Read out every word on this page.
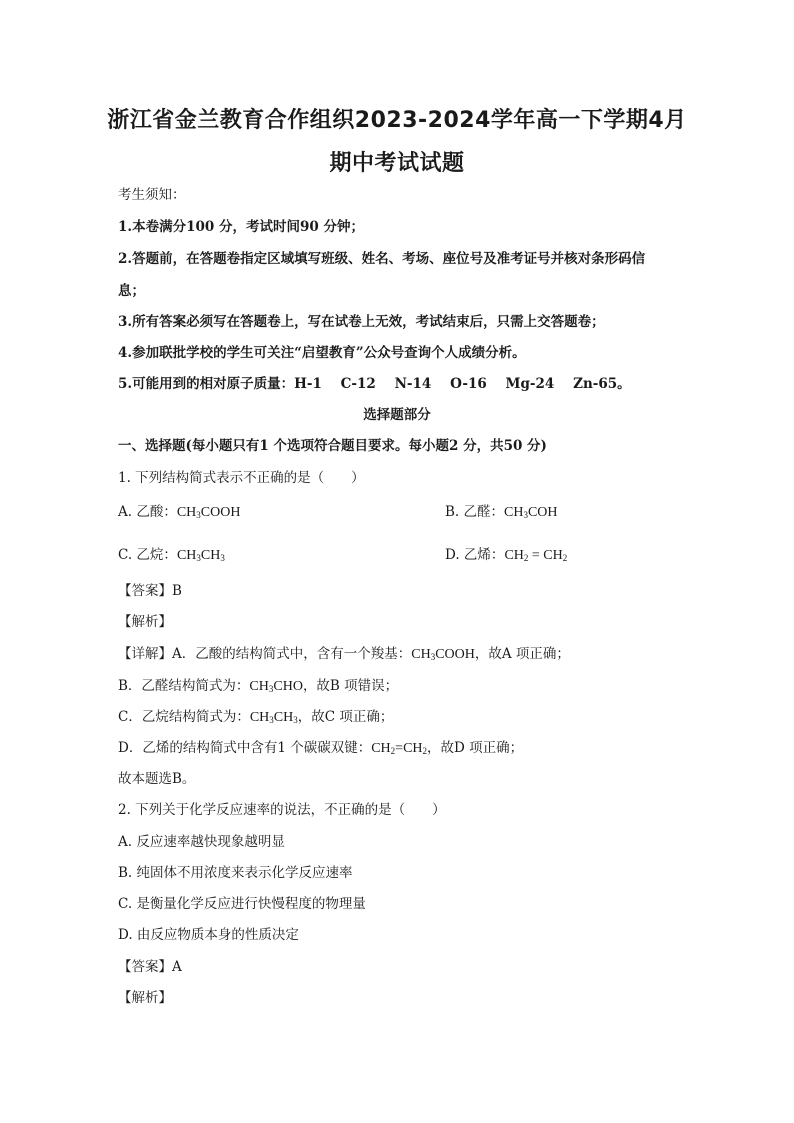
浙江省金兰教育合作组织2023-2024学年高一下学期4月
期中考试试题
考生须知：
1.本卷满分100 分，考试时间90 分钟；
2.答题前，在答题卷指定区域填写班级、姓名、考场、座位号及准考证号并核对条形码信
息；
3.所有答案必须写在答题卷上，写在试卷上无效，考试结束后，只需上交答题卷；
4.参加联批学校的学生可关注“启望教育”公众号查询个人成绩分析。
5.可能用到的相对原子质量：H-1    C-12    N-14    O-16    Mg-24    Zn-65。
选择题部分
一、选择题(每小题只有1 个选项符合题目要求。每小题2 分，共50 分)
1. 下列结构简式表示不正确的是（　　）
A. 乙酸：$CH_3COOH$	B. 乙醛：$CH_3COH$
C. 乙烷：$CH_3CH_3$	D. 乙烯：$CH_2 = CH_2$
【答案】B
【解析】
【详解】A．乙酸的结构简式中，含有一个羧基：$CH_3COOH$，故A 项正确；
B．乙醛结构简式为：$CH_3CHO$，故B 项错误；
C．乙烷结构简式为：$CH_3CH_3$，故C 项正确；
D．乙烯的结构简式中含有1 个碳碳双键：$CH_2=CH_2$，故D 项正确；
故本题选B。
2. 下列关于化学反应速率的说法，不正确的是（　　）
A. 反应速率越快现象越明显
B. 纯固体不用浓度来表示化学反应速率
C. 是衡量化学反应进行快慢程度的物理量
D. 由反应物质本身的性质决定
【答案】A
【解析】
